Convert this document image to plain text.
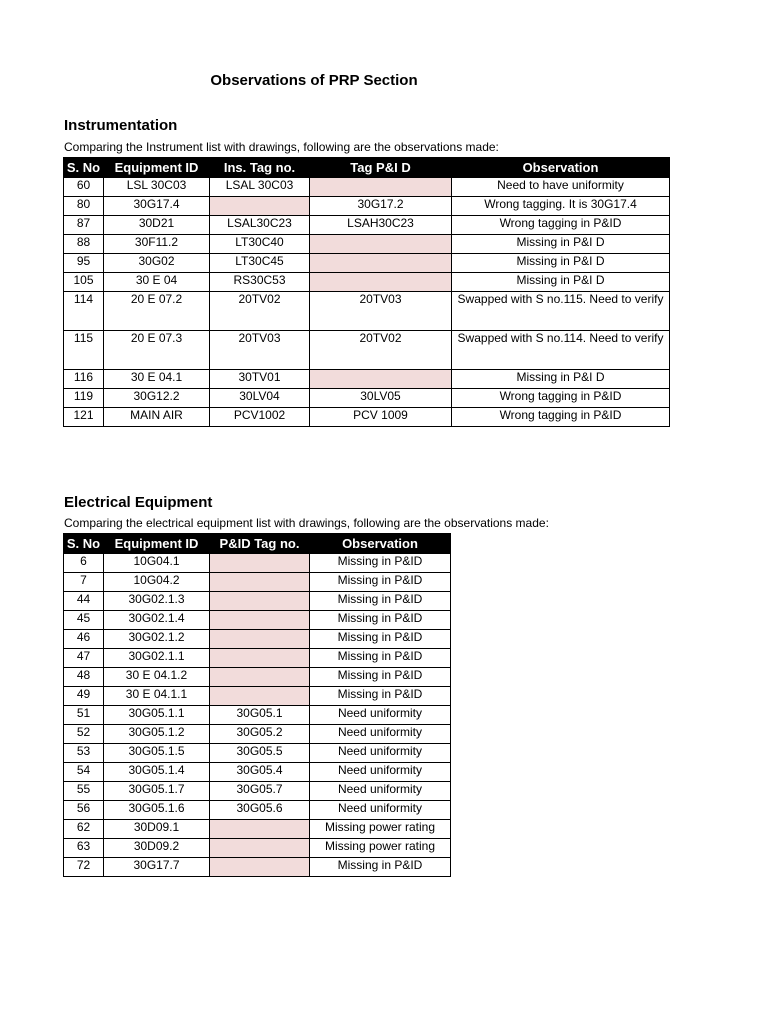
Observations of PRP Section
Instrumentation
Comparing the Instrument list with drawings, following are the observations made:
S. No	Equipment ID	Ins. Tag no.	Tag P&I D	Observation
60	LSL 30C03	LSAL 30C03		Need to have uniformity
80	30G17.4		30G17.2	Wrong tagging. It is 30G17.4
87	30D21	LSAL30C23	LSAH30C23	Wrong tagging in P&ID
88	30F11.2	LT30C40		Missing in P&I D
95	30G02	LT30C45		Missing in P&I D
105	30 E 04	RS30C53		Missing in P&I D
114	20 E 07.2	20TV02	20TV03	Swapped with S no.115. Need to verify
115	20 E 07.3	20TV03	20TV02	Swapped with S no.114. Need to verify
116	30 E 04.1	30TV01		Missing in P&I D
119	30G12.2	30LV04	30LV05	Wrong tagging in P&ID
121	MAIN AIR	PCV1002	PCV 1009	Wrong tagging in P&ID
Electrical Equipment
Comparing the electrical equipment list with drawings, following are the observations made:
S. No	Equipment ID	P&ID Tag no.	Observation
6	10G04.1		Missing in P&ID
7	10G04.2		Missing in P&ID
44	30G02.1.3		Missing in P&ID
45	30G02.1.4		Missing in P&ID
46	30G02.1.2		Missing in P&ID
47	30G02.1.1		Missing in P&ID
48	30 E 04.1.2		Missing in P&ID
49	30 E 04.1.1		Missing in P&ID
51	30G05.1.1	30G05.1	Need uniformity
52	30G05.1.2	30G05.2	Need uniformity
53	30G05.1.5	30G05.5	Need uniformity
54	30G05.1.4	30G05.4	Need uniformity
55	30G05.1.7	30G05.7	Need uniformity
56	30G05.1.6	30G05.6	Need uniformity
62	30D09.1		Missing power rating
63	30D09.2		Missing power rating
72	30G17.7		Missing in P&ID
